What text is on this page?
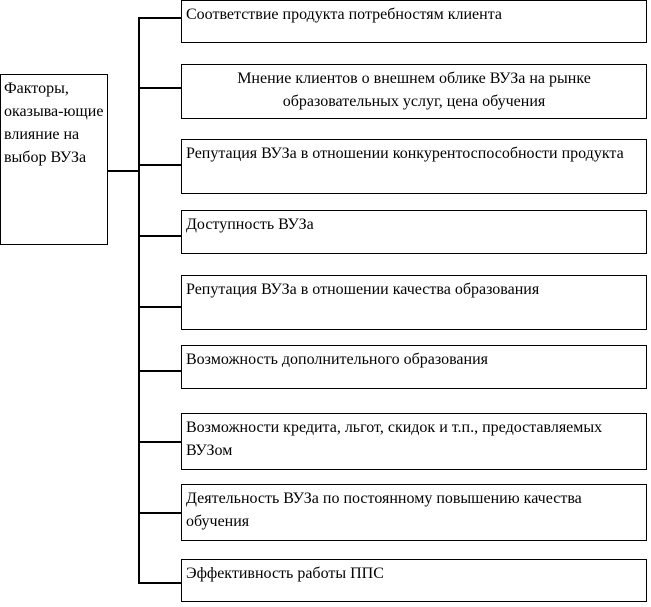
Факторы, оказыва-ющие влияние на выбор ВУЗа
Соответствие продукта потребностям клиента
Мнение клиентов о внешнем облике ВУЗа на рынке образовательных услуг, цена обучения
Репутация ВУЗа в отношении конкурентоспособности продукта
Доступность ВУЗа
Репутация ВУЗа в отношении качества образования
Возможность дополнительного образования
Возможности кредита, льгот, скидок и т.п., предоставляемых ВУЗом
Деятельность ВУЗа по постоянному повышению качества обучения
Эффективность работы ППС
